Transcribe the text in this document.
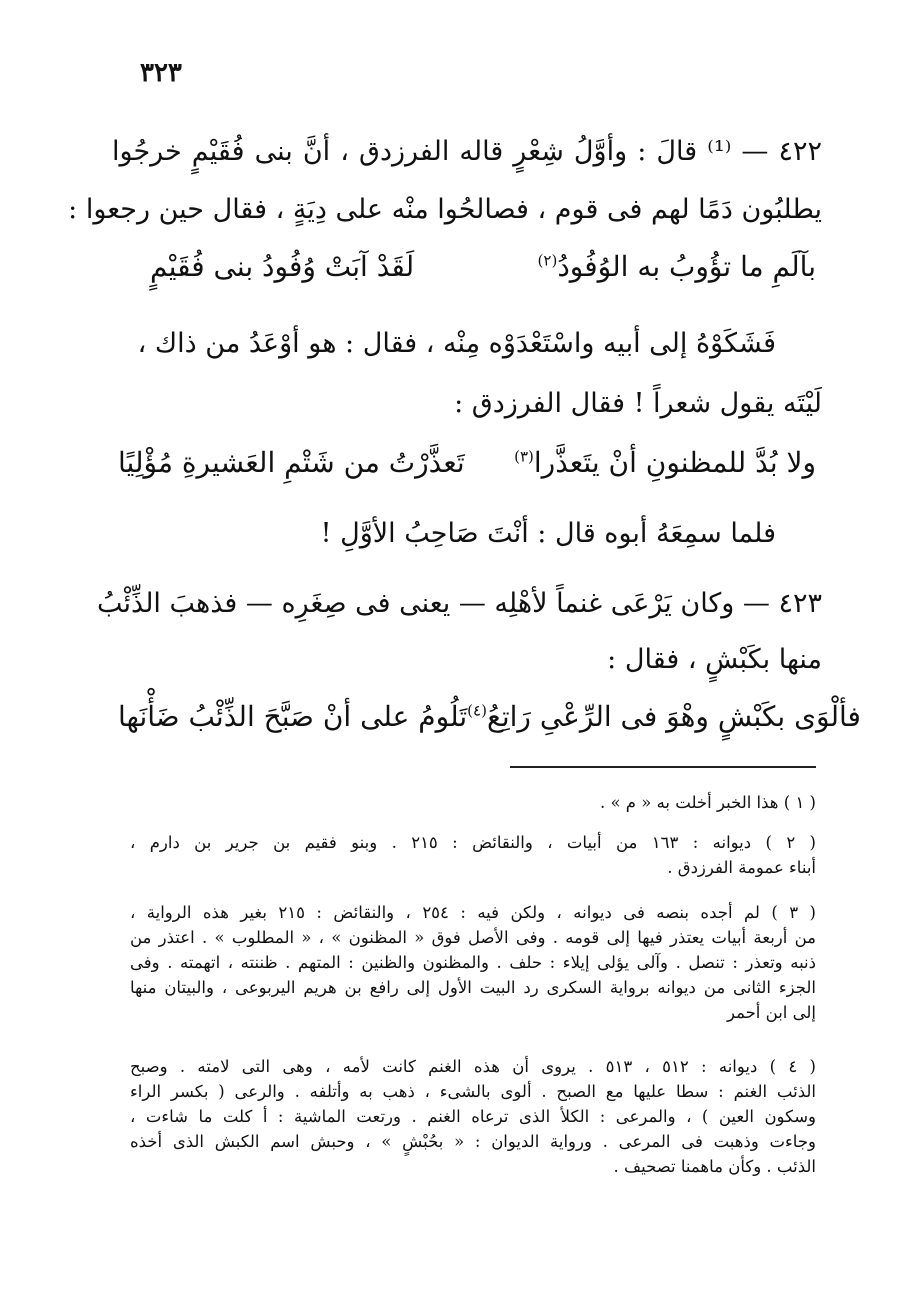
٣٢٣
٤٢٢ — ⁽¹⁾ قالَ : وأوَّلُ شِعْرٍ قاله الفرزدق ، أنَّ بنى فُقَيْمٍ خرجُوا
يطلبُون دَمًا لهم فى قوم ، فصالحُوا منْه على دِيَةٍ ، فقال حين رجعوا :
لَقَدْ آبَتْ وُفُودُ بنى فُقَيْمٍ	بآلَمِ ما تؤُوبُ به الوُفُودُ$^{(٢)}$
فَشَكَوْهُ إلى أبيه واسْتَعْدَوْه مِنْه ، فقال : هو أوْعَدُ من ذاك ،
لَيْتَه يقول شعراً ! فقال الفرزدق :
تَعذَّرْتُ من شَتْمِ العَشيرةِ مُؤْلِيًا	ولا بُدَّ للمظنونِ أنْ يتَعذَّرا$^{(٣)}$
فلما سمِعَهُ أبوه قال : أنْتَ صَاحِبُ الأوَّلِ !
٤٢٣ — وكان يَرْعَى غنماً لأهْلِه — يعنى فى صِغَرِه — فذهبَ الذِّئْبُ
منها بكَبْشٍ ، فقال :
تَلُومُ على أنْ صَبَّحَ الذِّئْبُ ضَأْنَها فألْوَى بكَبْشٍ وهْوَ فى الرِّعْىِ رَاتِعُ$^{(٤)}$

( ١ ) هذا الخبر أخلت به « م » .

( ٢ ) ديوانه : ١٦٣ من أبيات ، والنقائض : ٢١٥ . وبنو فقيم بن جرير بن دارم ،

أبناء عمومة الفرزدق .

( ٣ ) لم أجده بنصه فى ديوانه ، ولكن فيه : ٢٥٤ ، والنقائض : ٢١٥ بغير هذه الرواية ،

من أربعة أبيات يعتذر فيها إلى قومه . وفى الأصل فوق « المظنون » ، « المطلوب » . اعتذر من

ذنبه وتعذر : تنصل . وآلى يؤلى إيلاء : حلف . والمظنون والظنين : المتهم . ظننته ، اتهمته . وفى

الجزء الثانى من ديوانه برواية السكرى رد البيت الأول إلى رافع بن هريم اليربوعى ، والبيتان منها

إلى ابن أحمر

( ٤ ) ديوانه : ٥١٢ ، ٥١٣ . يروى أن هذه الغنم كانت لأمه ، وهى التى لامته . وصبح

الذئب الغنم : سطا عليها مع الصبح . ألوى بالشىء ، ذهب به وأتلفه . والرعى ( بكسر الراء

وسكون العين ) ، والمرعى : الكلأ الذى ترعاه الغنم . ورتعت الماشية : أ كلت ما شاءت ،

وجاءت وذهبت فى المرعى . ورواية الديوان : « بحُبْشٍ » ، وحبش اسم الكبش الذى أخذه

الذئب . وكأن ماهمنا تصحيف .
